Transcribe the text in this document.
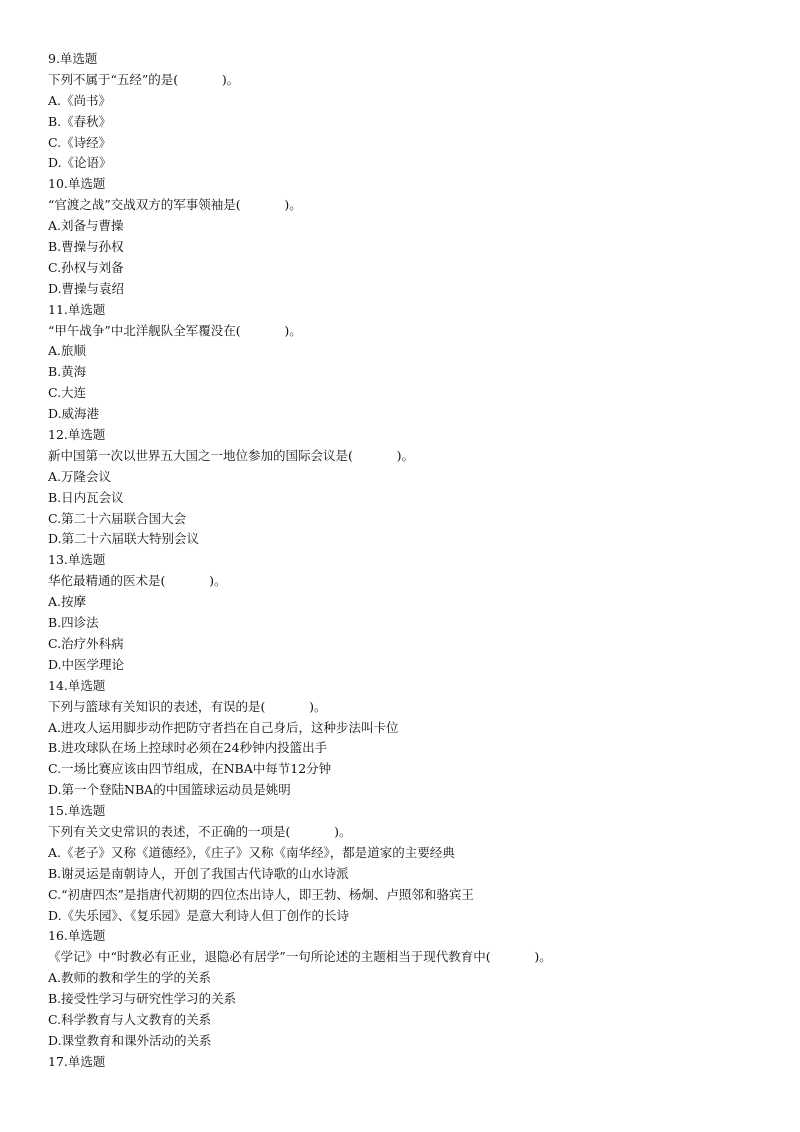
9.单选题
下列不属于“五经”的是(           )。
A.《尚书》
B.《春秋》
C.《诗经》
D.《论语》
10.单选题
“官渡之战”交战双方的军事领袖是(           )。
A.刘备与曹操
B.曹操与孙权
C.孙权与刘备
D.曹操与袁绍
11.单选题
“甲午战争”中北洋舰队全军覆没在(           )。
A.旅顺
B.黄海
C.大连
D.威海港
12.单选题
新中国第一次以世界五大国之一地位参加的国际会议是(           )。
A.万隆会议
B.日内瓦会议
C.第二十六届联合国大会
D.第二十六届联大特别会议
13.单选题
华佗最精通的医术是(           )。
A.按摩
B.四诊法
C.治疗外科病
D.中医学理论
14.单选题
下列与篮球有关知识的表述，有误的是(           )。
A.进攻人运用脚步动作把防守者挡在自己身后，这种步法叫卡位
B.进攻球队在场上控球时必须在24秒钟内投篮出手
C.一场比赛应该由四节组成，在NBA中每节12分钟
D.第一个登陆NBA的中国篮球运动员是姚明
15.单选题
下列有关文史常识的表述，不正确的一项是(           )。
A.《老子》又称《道德经》，《庄子》又称《南华经》，都是道家的主要经典
B.谢灵运是南朝诗人，开创了我国古代诗歌的山水诗派
C.“初唐四杰”是指唐代初期的四位杰出诗人，即王勃、杨炯、卢照邻和骆宾王
D.《失乐园》、《复乐园》是意大利诗人但丁创作的长诗
16.单选题
《学记》中“时教必有正业，退隐必有居学”一句所论述的主题相当于现代教育中(           )。
A.教师的教和学生的学的关系
B.接受性学习与研究性学习的关系
C.科学教育与人文教育的关系
D.课堂教育和课外活动的关系
17.单选题
